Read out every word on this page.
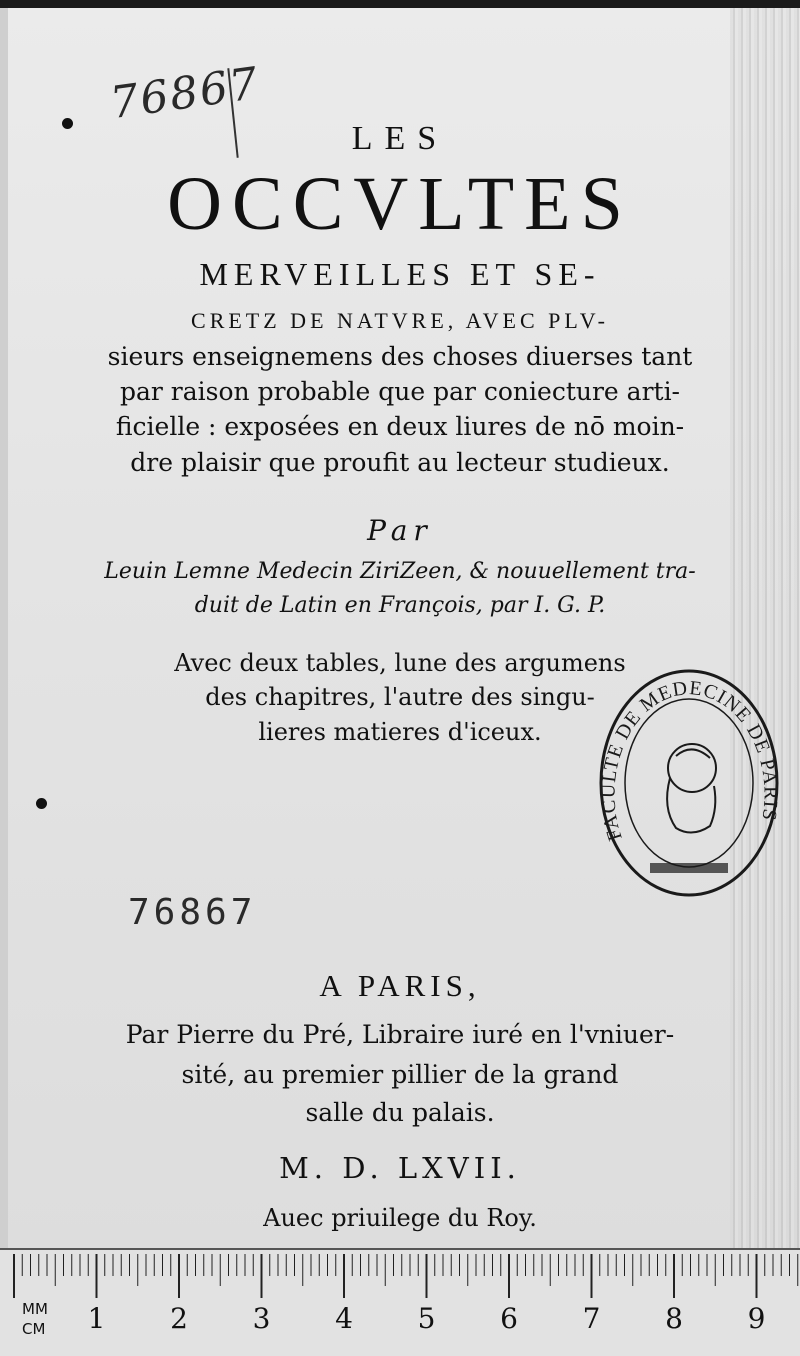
76867
LES
OCCVLTES
MERVEILLES ET SE-
CRETZ DE NATVRE, AVEC PLV-
sieurs enseignemens des choses diuerses tant
par raison probable que par coniecture arti-
ficielle : exposées en deux liures de nō moin-
dre plaisir que proufit au lecteur studieux.
Par
Leuin Lemne Medecin ZiriZeen, & nouuellement tra-
duit de Latin en François, par I. G. P.
Avec deux tables, lune des argumens
des chapitres, l'autre des singu-
lieres matieres d'iceux.
76867
FACULTE DE MEDECINE DE PARIS
A PARIS,
Par Pierre du Pré, Libraire iuré en l'vniuer-
sité, au premier pillier de la grand
salle du palais.
M. D. LXVII.
Auec priuilege du Roy.
MM
CM 1 2 3 4 5 6 7 8 9
